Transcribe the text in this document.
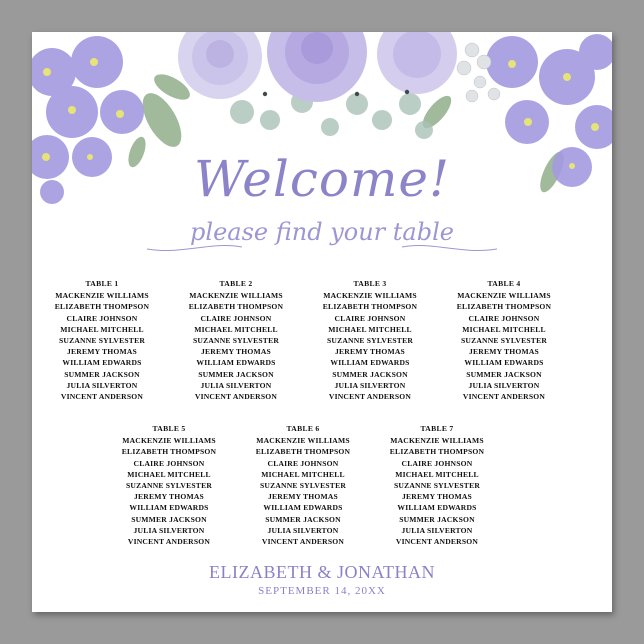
Welcome!
please find your table
TABLE 1
MACKENZIE WILLIAMS
ELIZABETH THOMPSON
CLAIRE JOHNSON
MICHAEL MITCHELL
SUZANNE SYLVESTER
JEREMY THOMAS
WILLIAM EDWARDS
SUMMER JACKSON
JULIA SILVERTON
VINCENT ANDERSON
TABLE 2
MACKENZIE WILLIAMS
ELIZABETH THOMPSON
CLAIRE JOHNSON
MICHAEL MITCHELL
SUZANNE SYLVESTER
JEREMY THOMAS
WILLIAM EDWARDS
SUMMER JACKSON
JULIA SILVERTON
VINCENT ANDERSON
TABLE 3
MACKENZIE WILLIAMS
ELIZABETH THOMPSON
CLAIRE JOHNSON
MICHAEL MITCHELL
SUZANNE SYLVESTER
JEREMY THOMAS
WILLIAM EDWARDS
SUMMER JACKSON
JULIA SILVERTON
VINCENT ANDERSON
TABLE 4
MACKENZIE WILLIAMS
ELIZABETH THOMPSON
CLAIRE JOHNSON
MICHAEL MITCHELL
SUZANNE SYLVESTER
JEREMY THOMAS
WILLIAM EDWARDS
SUMMER JACKSON
JULIA SILVERTON
VINCENT ANDERSON
TABLE 5
MACKENZIE WILLIAMS
ELIZABETH THOMPSON
CLAIRE JOHNSON
MICHAEL MITCHELL
SUZANNE SYLVESTER
JEREMY THOMAS
WILLIAM EDWARDS
SUMMER JACKSON
JULIA SILVERTON
VINCENT ANDERSON
TABLE 6
MACKENZIE WILLIAMS
ELIZABETH THOMPSON
CLAIRE JOHNSON
MICHAEL MITCHELL
SUZANNE SYLVESTER
JEREMY THOMAS
WILLIAM EDWARDS
SUMMER JACKSON
JULIA SILVERTON
VINCENT ANDERSON
TABLE 7
MACKENZIE WILLIAMS
ELIZABETH THOMPSON
CLAIRE JOHNSON
MICHAEL MITCHELL
SUZANNE SYLVESTER
JEREMY THOMAS
WILLIAM EDWARDS
SUMMER JACKSON
JULIA SILVERTON
VINCENT ANDERSON
ELIZABETH & JONATHAN
SEPTEMBER 14, 20XX
